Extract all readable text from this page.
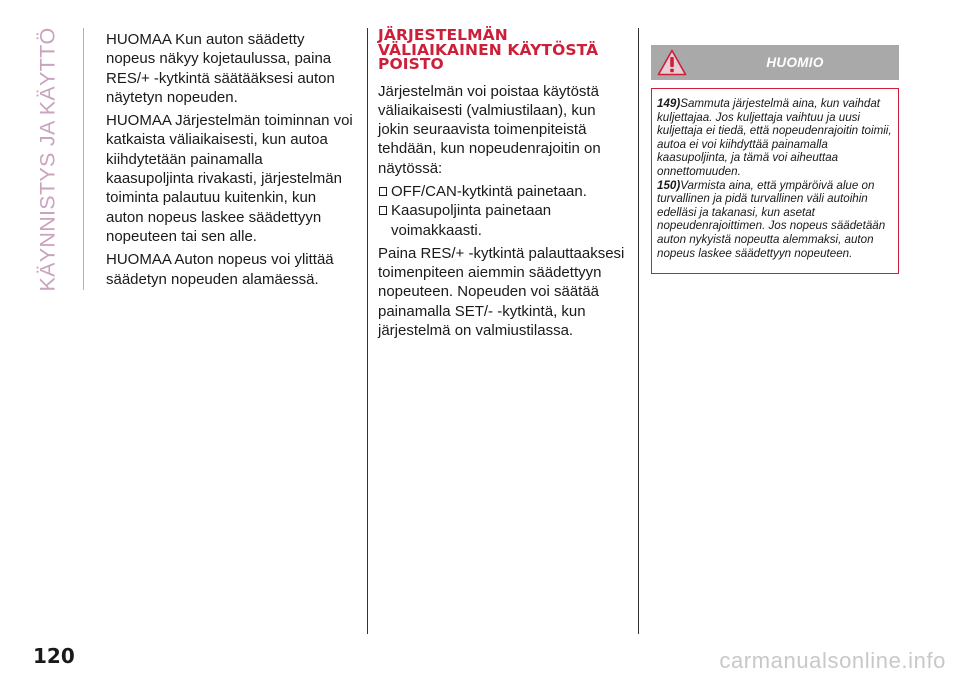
KÄYNNISTYS JA KÄYTTÖ	HUOMAA Kun auton säädetty nopeus näkyy kojetaulussa, paina RES/+ -kytkintä säätääksesi auton näytetyn nopeuden.

HUOMAA Järjestelmän toiminnan voi katkaista väliaikaisesti, kun autoa kiihdytetään painamalla kaasupoljinta rivakasti, järjestelmän toiminta palautuu kuitenkin, kun auton nopeus laskee säädettyyn nopeuteen tai sen alle.

HUOMAA Auton nopeus voi ylittää säädetyn nopeuden alamäessä.

JÄRJESTELMÄN
VÄLIAIKAINEN KÄYTÖSTÄ
POISTO

Järjestelmän voi poistaa käytöstä väliaikaisesti (valmiustilaan), kun jokin seuraavista toimenpiteistä tehdään, kun nopeudenrajoitin on näytössä:

OFF/CAN-kytkintä painetaan.
Kaasupoljinta painetaan voimakkaasti.

Paina RES/+ -kytkintä palauttaaksesi toimenpiteen aiemmin säädettyyn nopeuteen. Nopeuden voi säätää painamalla SET/- -kytkintä, kun järjestelmä on valmiustilassa.

HUOMIO
149)Sammuta järjestelmä aina, kun vaihdat kuljettajaa. Jos kuljettaja vaihtuu ja uusi kuljettaja ei tiedä, että nopeudenrajoitin toimii, autoa ei voi kiihdyttää painamalla kaasupoljinta, ja tämä voi aiheuttaa onnettomuuden.
150)Varmista aina, että ympäröivä alue on turvallinen ja pidä turvallinen väli autoihin edelläsi ja takanasi, kun asetat nopeudenrajoittimen. Jos nopeus säädetään auton nykyistä nopeutta alemmaksi, auton nopeus laskee säädettyyn nopeuteen.
120	carmanualsonline.info
